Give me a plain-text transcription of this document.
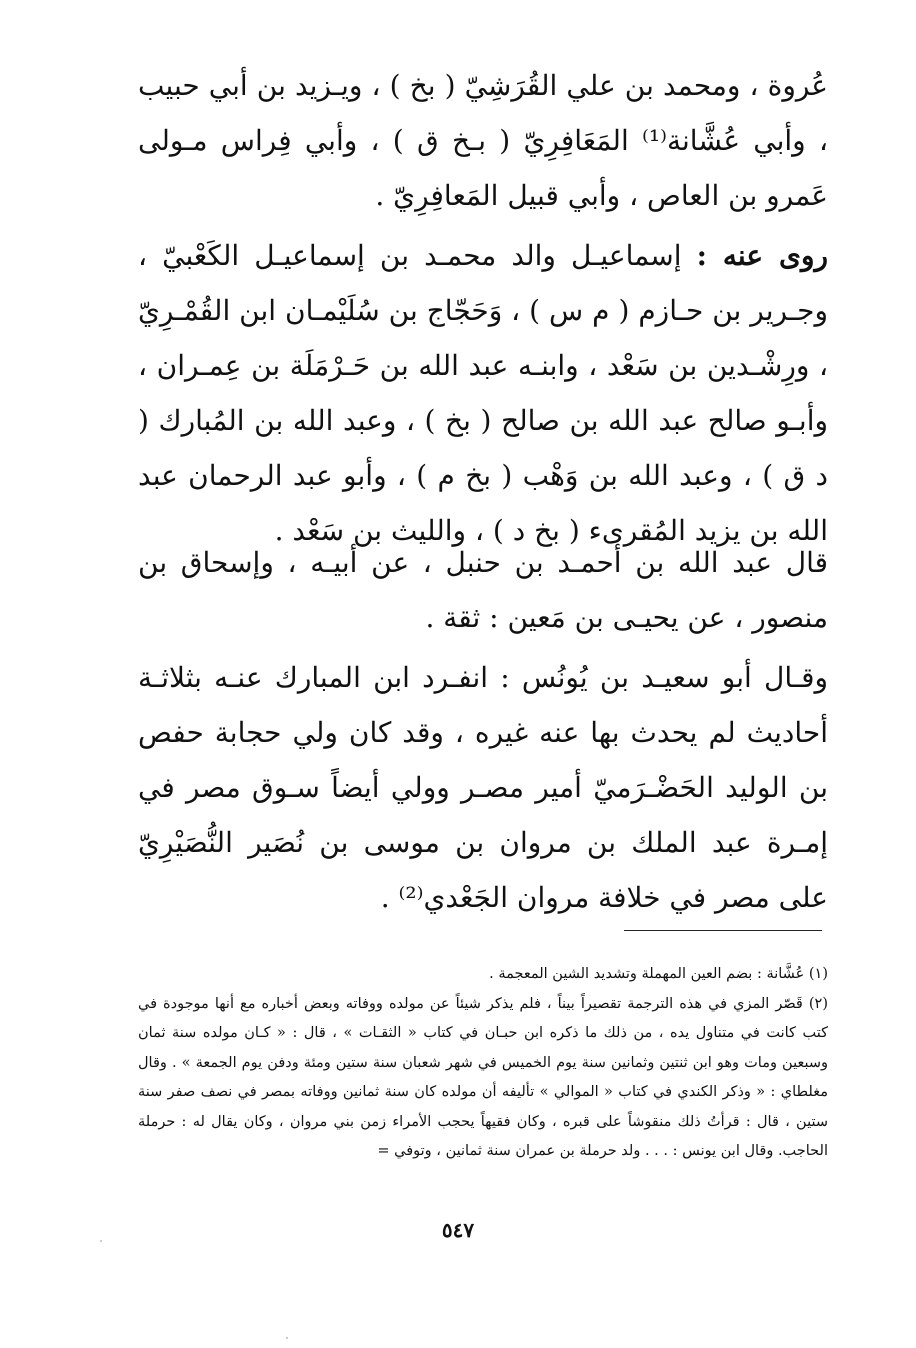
عُروة ، ومحمد بن علي القُرَشِيّ ( بخ ) ، ويـزيد بن أبي حبيب ، وأبي عُشَّانة⁽¹⁾ المَعَافِرِيّ ( بـخ ق ) ، وأبي فِراس مـولى عَمرو بن العاص ، وأبي قبيل المَعافِرِيّ .

روى عنه : إسماعيـل والد محمـد بن إسماعيـل الكَعْبيّ ، وجـرير بن حـازم ( م س ) ، وَحَجّاج بن سُلَيْمـان ابن القُمْـرِيّ ، ورِشْـدين بن سَعْد ، وابنـه عبد الله بن حَـرْمَلَة بن عِمـران ، وأبـو صالح عبد الله بن صالح ( بخ ) ، وعبد الله بن المُبارك ( د ق ) ، وعبد الله بن وَهْب ( بخ م ) ، وأبو عبد الرحمان عبد الله بن يزيد المُقرىء ( بخ د ) ، والليث بن سَعْد .

قال عبد الله بن أحمـد بن حنبل ، عن أبيـه ، وإسحاق بن منصور ، عن يحيـى بن مَعين : ثقة .

وقـال أبو سعيـد بن يُونُس : انفـرد ابن المبارك عنـه بثلاثـة أحاديث لم يحدث بها عنه غيره ، وقد كان ولي حجابة حفص بن الوليد الحَضْـرَميّ أمير مصـر وولي أيضاً سـوق مصر في إمـرة عبد الملك بن مروان بن موسى بن نُصَير النُّصَيْرِيّ على مصر في خلافة مروان الجَعْدي⁽²⁾ .

(١) عُشَّانة : بضم العين المهملة وتشديد الشين المعجمة .

(٢) قَصّر المزي في هذه الترجمة تقصيراً بيناً ، فلم يذكر شيئاً عن مولده ووفاته وبعض أخباره مع أنها موجودة في كتب كانت في متناول يده ، من ذلك ما ذكره ابن حبـان في كتاب « الثقـات » ، قال : « كـان مولده سنة ثمان وسبعين ومات وهو ابن ثنتين وثمانين سنة يوم الخميس في شهر شعبان سنة ستين ومئة ودفن يوم الجمعة » . وقال مغلطاي : « وذكر الكندي في كتاب « الموالي » تأليفه أن مولده كان سنة ثمانين ووفاته بمصر في نصف صفر سنة ستين ، قال : قرأتُ ذلك منقوشاً على قبره ، وكان فقيهاً يحجب الأمراء زمن بني مروان ، وكان يقال له : حرملة الحاجب. وقال ابن يونس : . . . ولد حرملة بن عمران سنة ثمانين ، وتوفي =

٥٤٧
